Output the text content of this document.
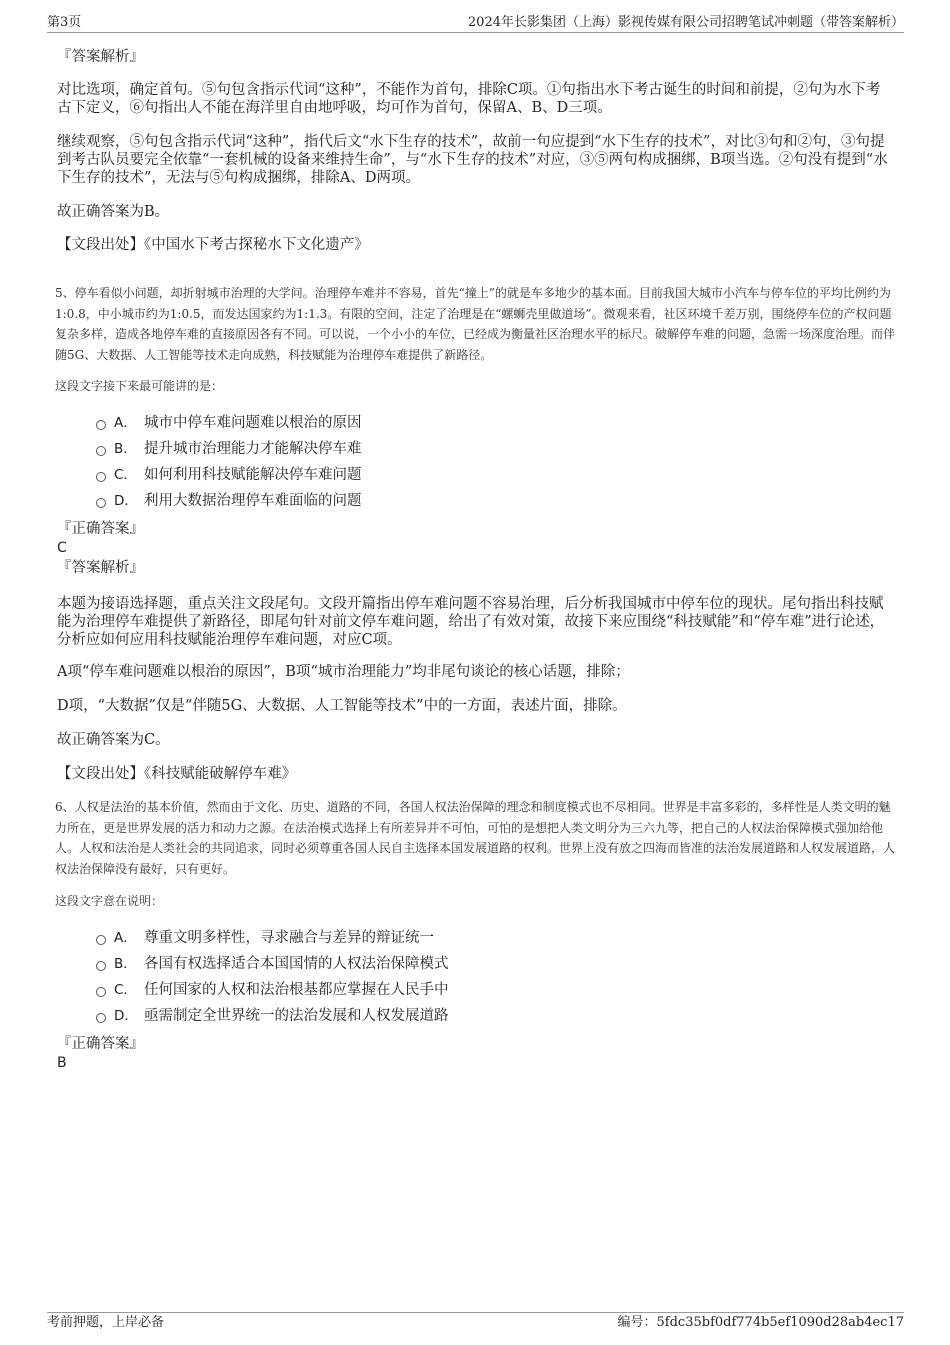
第3页	2024年长影集团（上海）影视传媒有限公司招聘笔试冲刺题（带答案解析）
『答案解析』

对比选项，确定首句。⑤句包含指示代词“这种”，不能作为首句，排除C项。①句指出水下考古诞生的时间和前提，②句为水下考古下定义，⑥句指出人不能在海洋里自由地呼吸，均可作为首句，保留A、B、D三项。

继续观察，⑤句包含指示代词“这种”，指代后文“水下生存的技术”，故前一句应提到“水下生存的技术”，对比③句和②句，③句提到考古队员要完全依靠“一套机械的设备来维持生命”，与“水下生存的技术”对应，③⑤两句构成捆绑，B项当选。②句没有提到“水下生存的技术”，无法与⑤句构成捆绑，排除A、D两项。

故正确答案为B。

【文段出处】《中国水下考古探秘水下文化遗产》

5、停车看似小问题，却折射城市治理的大学问。治理停车难并不容易，首先“撞上”的就是车多地少的基本面。目前我国大城市小汽车与停车位的平均比例约为1:0.8，中小城市约为1:0.5，而发达国家约为1:1.3。有限的空间，注定了治理是在“螺蛳壳里做道场”。微观来看，社区环境千差万别，围绕停车位的产权问题复杂多样，造成各地停车难的直接原因各有不同。可以说，一个小小的车位，已经成为衡量社区治理水平的标尺。破解停车难的问题，急需一场深度治理。而伴随5G、大数据、人工智能等技术走向成熟，科技赋能为治理停车难提供了新路径。

这段文字接下来最可能讲的是：

A． 城市中停车难问题难以根治的原因
B． 提升城市治理能力才能解决停车难
C． 如何利用科技赋能解决停车难问题
D． 利用大数据治理停车难面临的问题
『正确答案』
C
『答案解析』

本题为接语选择题，重点关注文段尾句。文段开篇指出停车难问题不容易治理，后分析我国城市中停车位的现状。尾句指出科技赋能为治理停车难提供了新路径，即尾句针对前文停车难问题，给出了有效对策，故接下来应围绕“科技赋能”和“停车难”进行论述，分析应如何应用科技赋能治理停车难问题，对应C项。

A项“停车难问题难以根治的原因”，B项“城市治理能力”均非尾句谈论的核心话题，排除；

D项，“大数据”仅是“伴随5G、大数据、人工智能等技术”中的一方面，表述片面，排除。

故正确答案为C。

【文段出处】《科技赋能破解停车难》

6、人权是法治的基本价值，然而由于文化、历史、道路的不同，各国人权法治保障的理念和制度模式也不尽相同。世界是丰富多彩的，多样性是人类文明的魅力所在，更是世界发展的活力和动力之源。在法治模式选择上有所差异并不可怕，可怕的是想把人类文明分为三六九等，把自己的人权法治保障模式强加给他人。人权和法治是人类社会的共同追求，同时必须尊重各国人民自主选择本国发展道路的权利。世界上没有放之四海而皆准的法治发展道路和人权发展道路，人权法治保障没有最好，只有更好。

这段文字意在说明：

A． 尊重文明多样性，寻求融合与差异的辩证统一
B． 各国有权选择适合本国国情的人权法治保障模式
C． 任何国家的人权和法治根基都应掌握在人民手中
D． 亟需制定全世界统一的法治发展和人权发展道路
『正确答案』
B
考前押题，上岸必备	编号：5fdc35bf0df774b5ef1090d28ab4ec17
